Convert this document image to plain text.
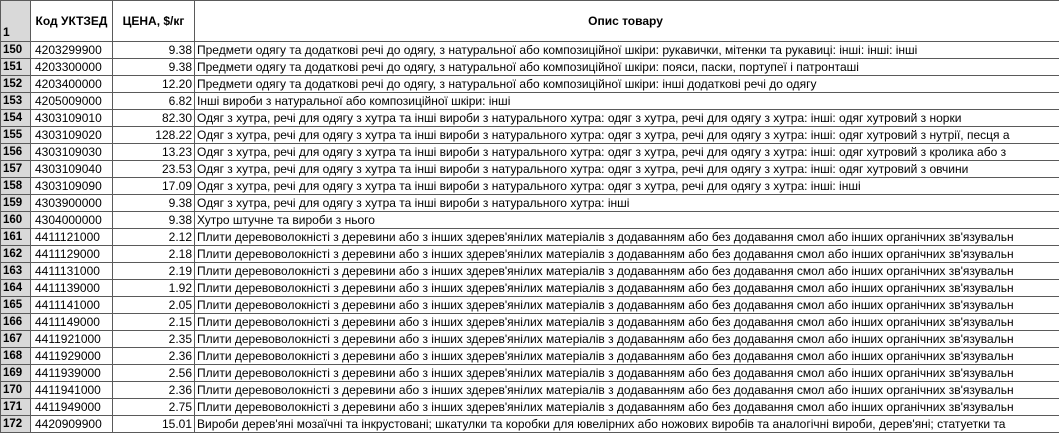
1	Код УКТЗЕД	ЦЕНА, $/кг	Опис товару
150	4203299900	9.38	Предмети одягу та додаткові речі до одягу, з натуральної або композиційної шкіри: рукавички, мітенки та рукавиці: інші: інші: інші
151	4203300000	9.38	Предмети одягу та додаткові речі до одягу, з натуральної або композиційної шкіри: пояси, паски, портупеї і патронташі
152	4203400000	12.20	Предмети одягу та додаткові речі до одягу, з натуральної або композиційної шкіри: інші додаткові речі до одягу
153	4205009000	6.82	Інші вироби з натуральної або композиційної шкіри: інші
154	4303109010	82.30	Одяг з хутра, речі для одягу з хутра та інші вироби з натурального хутра: одяг з хутра, речі для одягу з хутра: інші: одяг хутровий з норки
155	4303109020	128.22	Одяг з хутра, речі для одягу з хутра та інші вироби з натурального хутра: одяг з хутра, речі для одягу з хутра: інші: одяг хутровий з нутрії, песця а
156	4303109030	13.23	Одяг з хутра, речі для одягу з хутра та інші вироби з натурального хутра: одяг з хутра, речі для одягу з хутра: інші: одяг хутровий з кролика або з
157	4303109040	23.53	Одяг з хутра, речі для одягу з хутра та інші вироби з натурального хутра: одяг з хутра, речі для одягу з хутра: інші: одяг хутровий з овчини
158	4303109090	17.09	Одяг з хутра, речі для одягу з хутра та інші вироби з натурального хутра: одяг з хутра, речі для одягу з хутра: інші: інші
159	4303900000	9.38	Одяг з хутра, речі для одягу з хутра та інші вироби з натурального хутра: інші
160	4304000000	9.38	Хутро штучне та вироби з нього
161	4411121000	2.12	Плити деревоволокністі з деревини або з інших здерев'янілих матеріалів з додаванням або без додавання смол або інших органічних зв'язувальн
162	4411129000	2.18	Плити деревоволокністі з деревини або з інших здерев'янілих матеріалів з додаванням або без додавання смол або інших органічних зв'язувальн
163	4411131000	2.19	Плити деревоволокністі з деревини або з інших здерев'янілих матеріалів з додаванням або без додавання смол або інших органічних зв'язувальн
164	4411139000	1.92	Плити деревоволокністі з деревини або з інших здерев'янілих матеріалів з додаванням або без додавання смол або інших органічних зв'язувальн
165	4411141000	2.05	Плити деревоволокністі з деревини або з інших здерев'янілих матеріалів з додаванням або без додавання смол або інших органічних зв'язувальн
166	4411149000	2.15	Плити деревоволокністі з деревини або з інших здерев'янілих матеріалів з додаванням або без додавання смол або інших органічних зв'язувальн
167	4411921000	2.35	Плити деревоволокністі з деревини або з інших здерев'янілих матеріалів з додаванням або без додавання смол або інших органічних зв'язувальн
168	4411929000	2.36	Плити деревоволокністі з деревини або з інших здерев'янілих матеріалів з додаванням або без додавання смол або інших органічних зв'язувальн
169	4411939000	2.56	Плити деревоволокністі з деревини або з інших здерев'янілих матеріалів з додаванням або без додавання смол або інших органічних зв'язувальн
170	4411941000	2.36	Плити деревоволокністі з деревини або з інших здерев'янілих матеріалів з додаванням або без додавання смол або інших органічних зв'язувальн
171	4411949000	2.75	Плити деревоволокністі з деревини або з інших здерев'янілих матеріалів з додаванням або без додавання смол або інших органічних зв'язувальн
172	4420909900	15.01	Вироби дерев'яні мозаїчні та інкрустовані; шкатулки та коробки для ювелірних або ножових виробів та аналогічні вироби, дерев'яні; статуетки та
